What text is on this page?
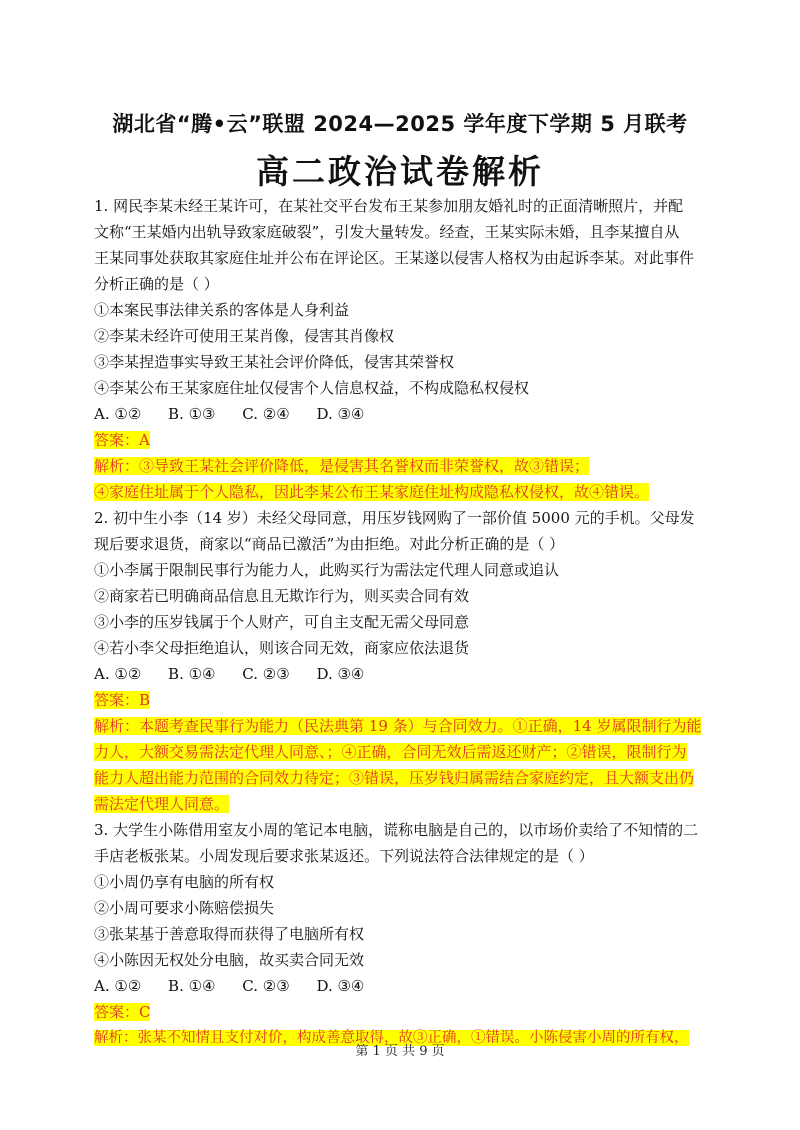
湖北省“腾•云”联盟 2024—2025 学年度下学期 5 月联考
高二政治试卷解析
1. 网民李某未经王某许可，在某社交平台发布王某参加朋友婚礼时的正面清晰照片，并配
文称“王某婚内出轨导致家庭破裂”，引发大量转发。经查，王某实际未婚，且李某擅自从
王某同事处获取其家庭住址并公布在评论区。王某遂以侵害人格权为由起诉李某。对此事件
分析正确的是（ ）
①本案民事法律关系的客体是人身利益
②李某未经许可使用王某肖像，侵害其肖像权
③李某捏造事实导致王某社会评价降低，侵害其荣誉权
④李某公布王某家庭住址仅侵害个人信息权益，不构成隐私权侵权
A. ①② B. ①③ C. ②④ D. ③④
答案：A
解析：③导致王某社会评价降低，是侵害其名誉权而非荣誉权，故③错误；
④家庭住址属于个人隐私，因此李某公布王某家庭住址构成隐私权侵权，故④错误。
2. 初中生小李（14 岁）未经父母同意，用压岁钱网购了一部价值 5000 元的手机。父母发
现后要求退货，商家以“商品已激活”为由拒绝。对此分析正确的是（ ）
①小李属于限制民事行为能力人，此购买行为需法定代理人同意或追认
②商家若已明确商品信息且无欺诈行为，则买卖合同有效
③小李的压岁钱属于个人财产，可自主支配无需父母同意
④若小李父母拒绝追认，则该合同无效，商家应依法退货
A. ①② B. ①④ C. ②③ D. ③④
答案：B
解析：本题考查民事行为能力（民法典第 19 条）与合同效力。①正确，14 岁属限制行为能
力人，大额交易需法定代理人同意、；④正确，合同无效后需返还财产；②错误，限制行为
能力人超出能力范围的合同效力待定；③错误，压岁钱归属需结合家庭约定，且大额支出仍
需法定代理人同意。
3. 大学生小陈借用室友小周的笔记本电脑，谎称电脑是自己的，以市场价卖给了不知情的二
手店老板张某。小周发现后要求张某返还。下列说法符合法律规定的是（ ）
①小周仍享有电脑的所有权
②小周可要求小陈赔偿损失
③张某基于善意取得而获得了电脑所有权
④小陈因无权处分电脑，故买卖合同无效
A. ①② B. ①④ C. ②③ D. ③④
答案：C
解析：张某不知情且支付对价，构成善意取得，故③正确，①错误。小陈侵害小周的所有权，
第 1 页 共 9 页
